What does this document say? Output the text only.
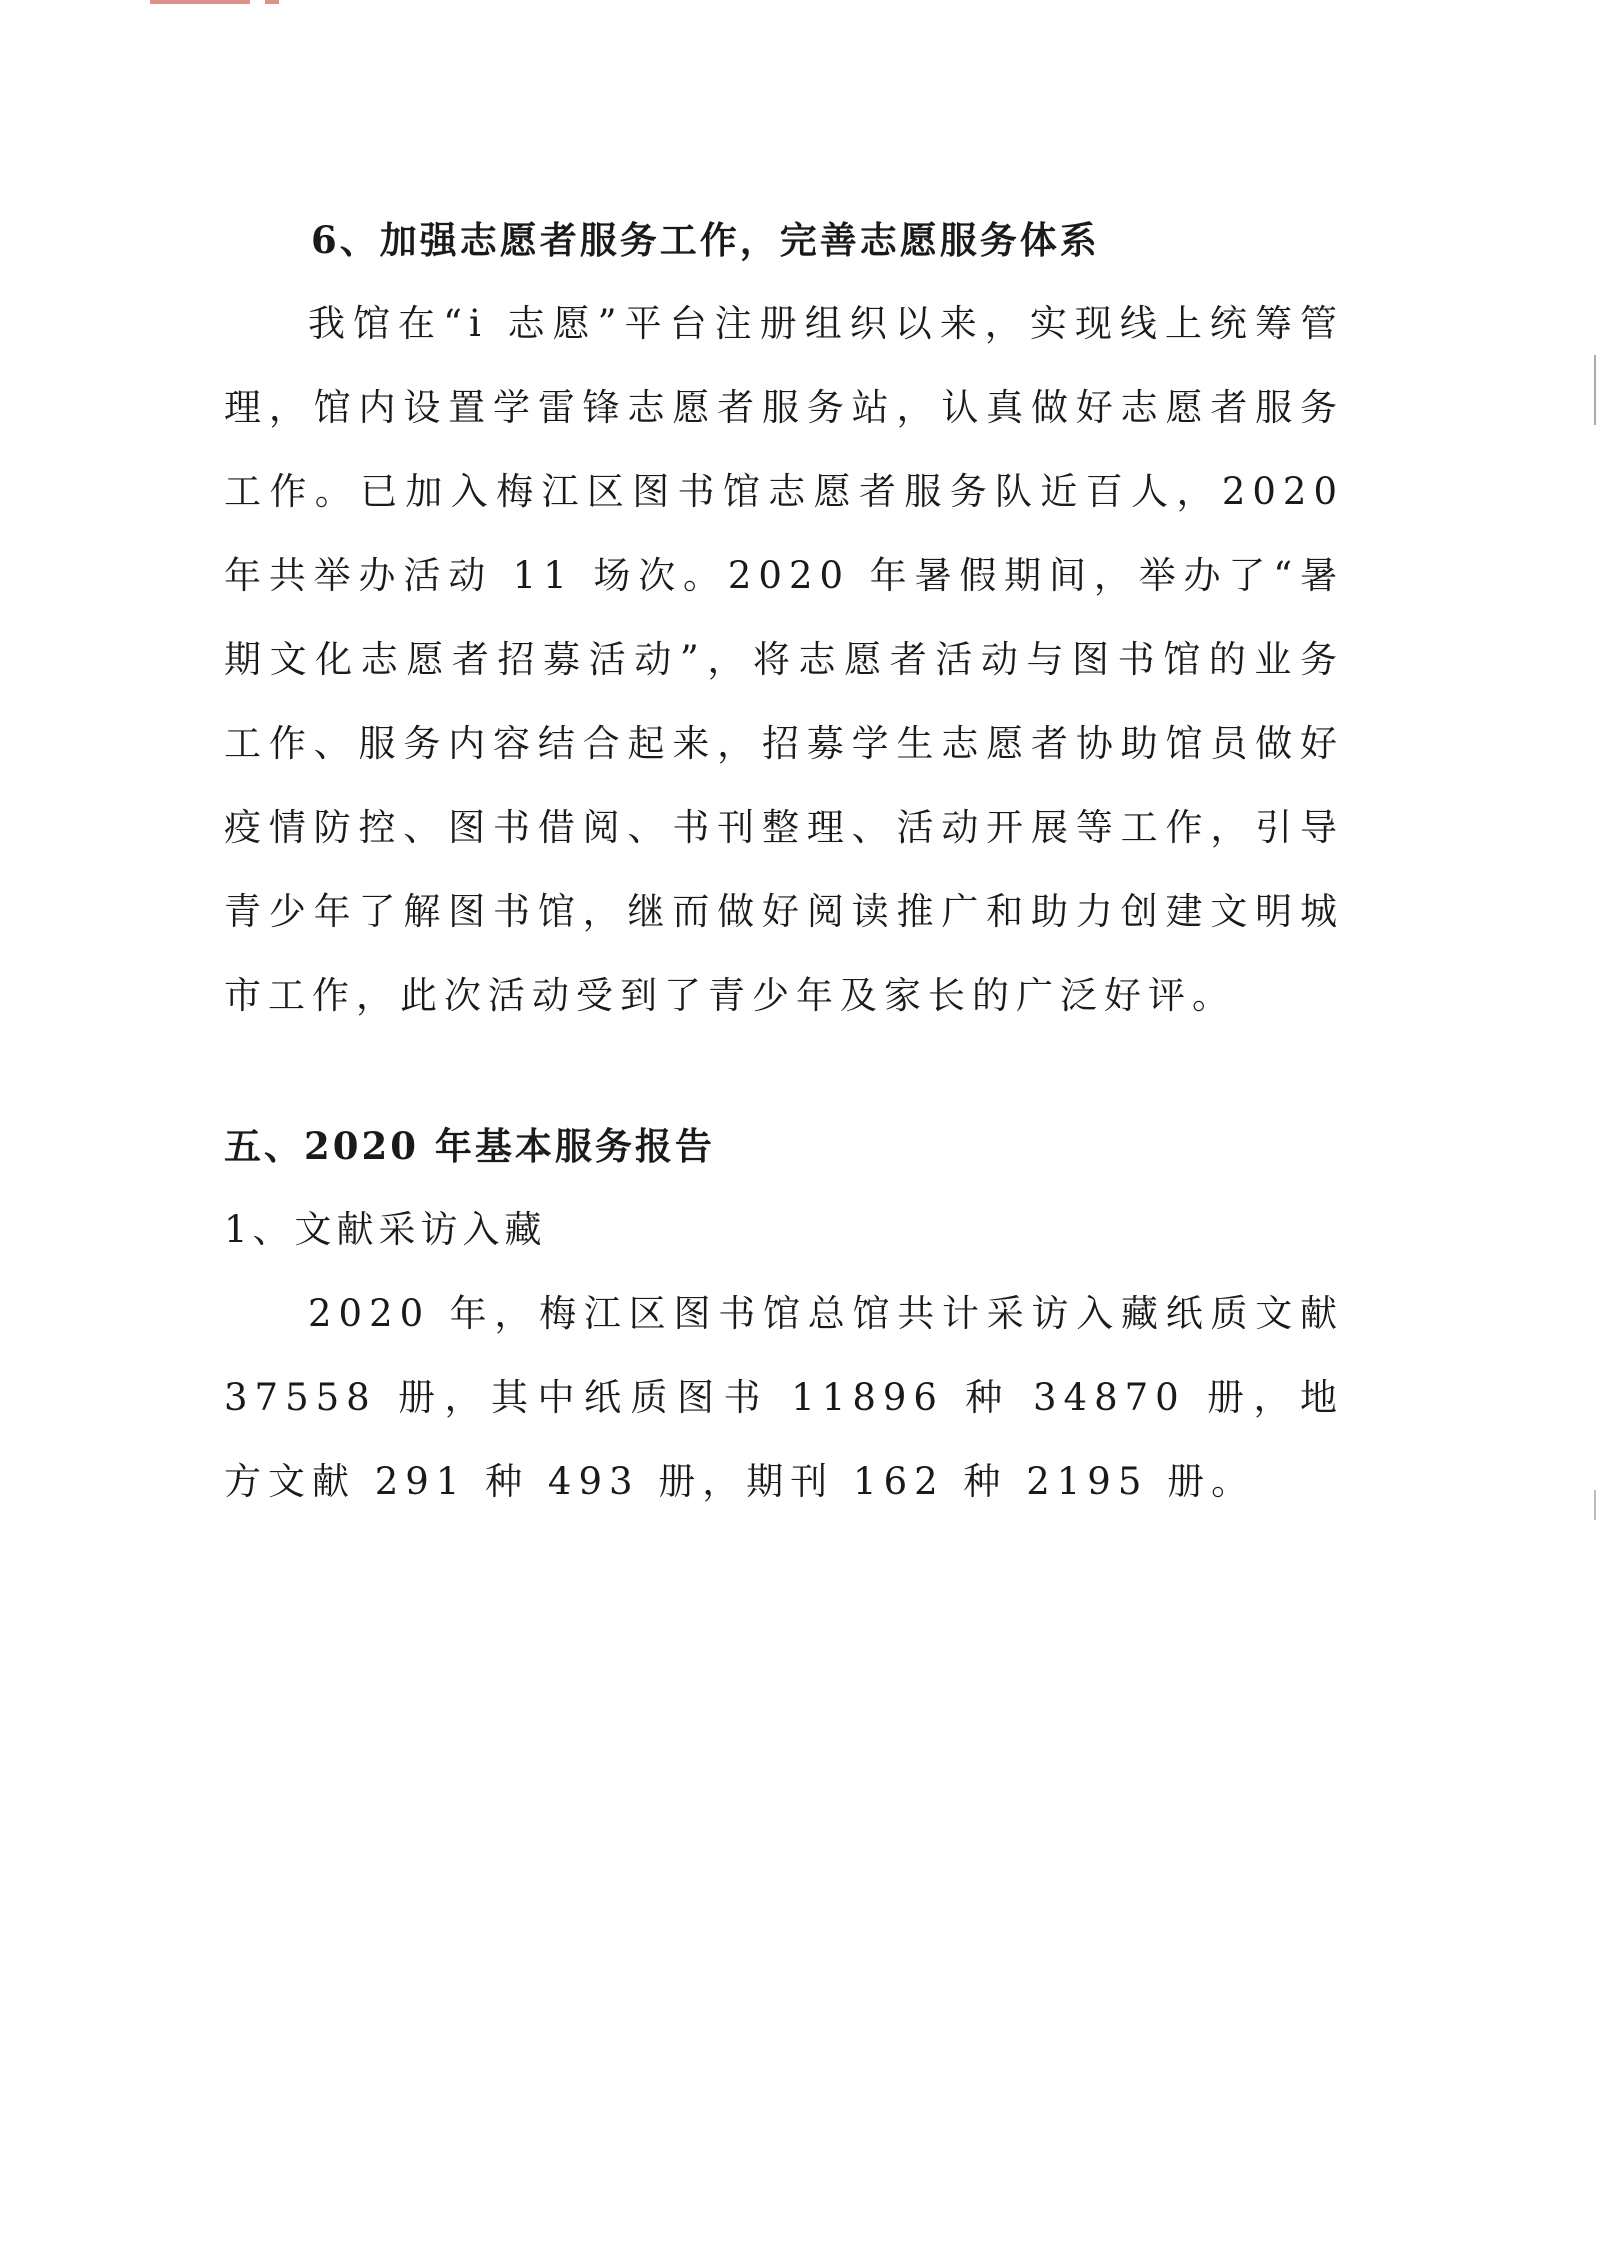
6、加强志愿者服务工作，完善志愿服务体系

我馆在“i 志愿”平台注册组织以来，实现线上统筹管理，馆内设置学雷锋志愿者服务站，认真做好志愿者服务工作。已加入梅江区图书馆志愿者服务队近百人，2020 年共举办活动 11 场次。2020 年暑假期间，举办了“暑期文化志愿者招募活动”，将志愿者活动与图书馆的业务工作、服务内容结合起来，招募学生志愿者协助馆员做好疫情防控、图书借阅、书刊整理、活动开展等工作，引导青少年了解图书馆，继而做好阅读推广和助力创建文明城市工作，此次活动受到了青少年及家长的广泛好评。

五、2020 年基本服务报告
1、文献采访入藏

2020 年，梅江区图书馆总馆共计采访入藏纸质文献 37558 册，其中纸质图书 11896 种 34870 册，地方文献 291 种 493 册，期刊 162 种 2195 册。
